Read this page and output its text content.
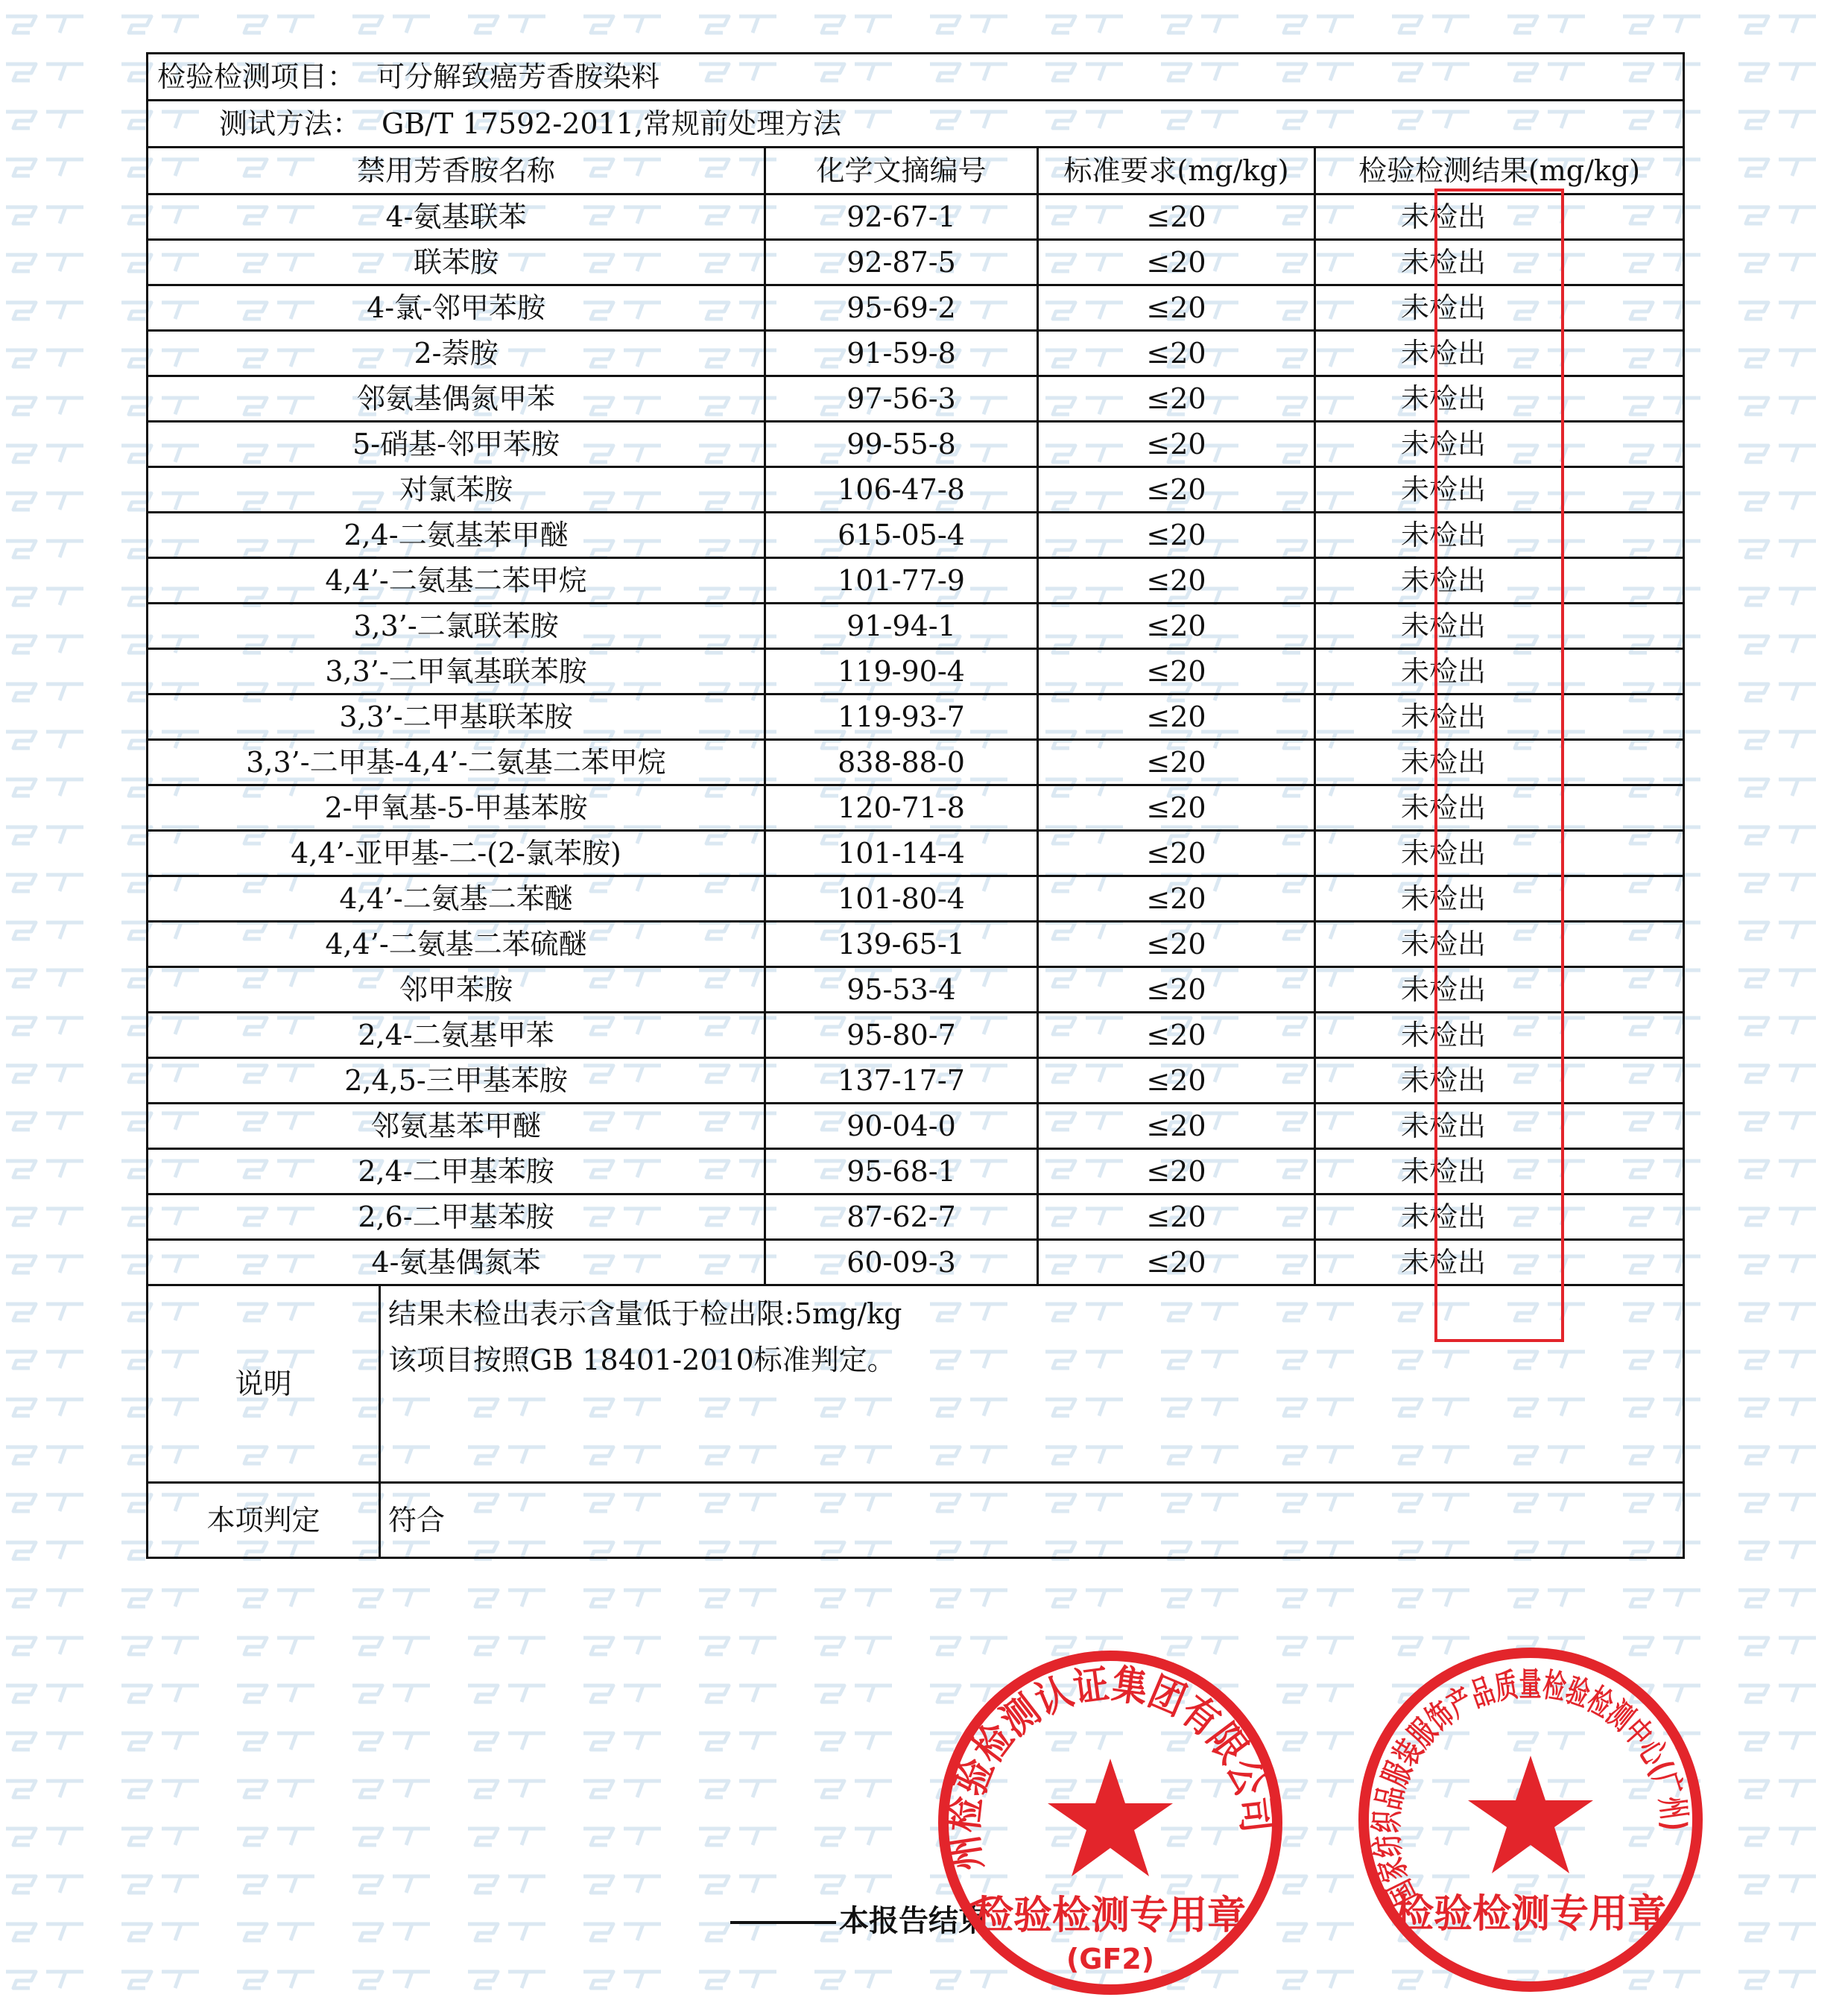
检验检测项目： 可分解致癌芳香胺染料				
测试方法： GB/T 17592-2011,常规前处理方法				
禁用芳香胺名称		化学文摘编号	标准要求(mg/kg)	检验检测结果(mg/kg)
4-氨基联苯		92-67-1	≤20	未检出
联苯胺		92-87-5	≤20	未检出
4-氯-邻甲苯胺		95-69-2	≤20	未检出
2-萘胺		91-59-8	≤20	未检出
邻氨基偶氮甲苯		97-56-3	≤20	未检出
5-硝基-邻甲苯胺		99-55-8	≤20	未检出
对氯苯胺		106-47-8	≤20	未检出
2,4-二氨基苯甲醚		615-05-4	≤20	未检出
4,4’-二氨基二苯甲烷		101-77-9	≤20	未检出
3,3’-二氯联苯胺		91-94-1	≤20	未检出
3,3’-二甲氧基联苯胺		119-90-4	≤20	未检出
3,3’-二甲基联苯胺		119-93-7	≤20	未检出
3,3’-二甲基-4,4’-二氨基二苯甲烷		838-88-0	≤20	未检出
2-甲氧基-5-甲基苯胺		120-71-8	≤20	未检出
4,4’-亚甲基-二-(2-氯苯胺)		101-14-4	≤20	未检出
4,4’-二氨基二苯醚		101-80-4	≤20	未检出
4,4’-二氨基二苯硫醚		139-65-1	≤20	未检出
邻甲苯胺		95-53-4	≤20	未检出
2,4-二氨基甲苯		95-80-7	≤20	未检出
2,4,5-三甲基苯胺		137-17-7	≤20	未检出
邻氨基苯甲醚		90-04-0	≤20	未检出
2,4-二甲基苯胺		95-68-1	≤20	未检出
2,6-二甲基苯胺		87-62-7	≤20	未检出
4-氨基偶氮苯		60-09-3	≤20	未检出
说明	结果未检出表示含量低于检出限:5mg/kg
该项目按照GB 18401-2010标准判定。			

本项判定	符合			
本报告结束
广州检验检测认证集团有限公司
检验检测专用章
(GF2)
国家纺织品服装服饰产品质量检验检测中心(广州)
检验检测专用章
